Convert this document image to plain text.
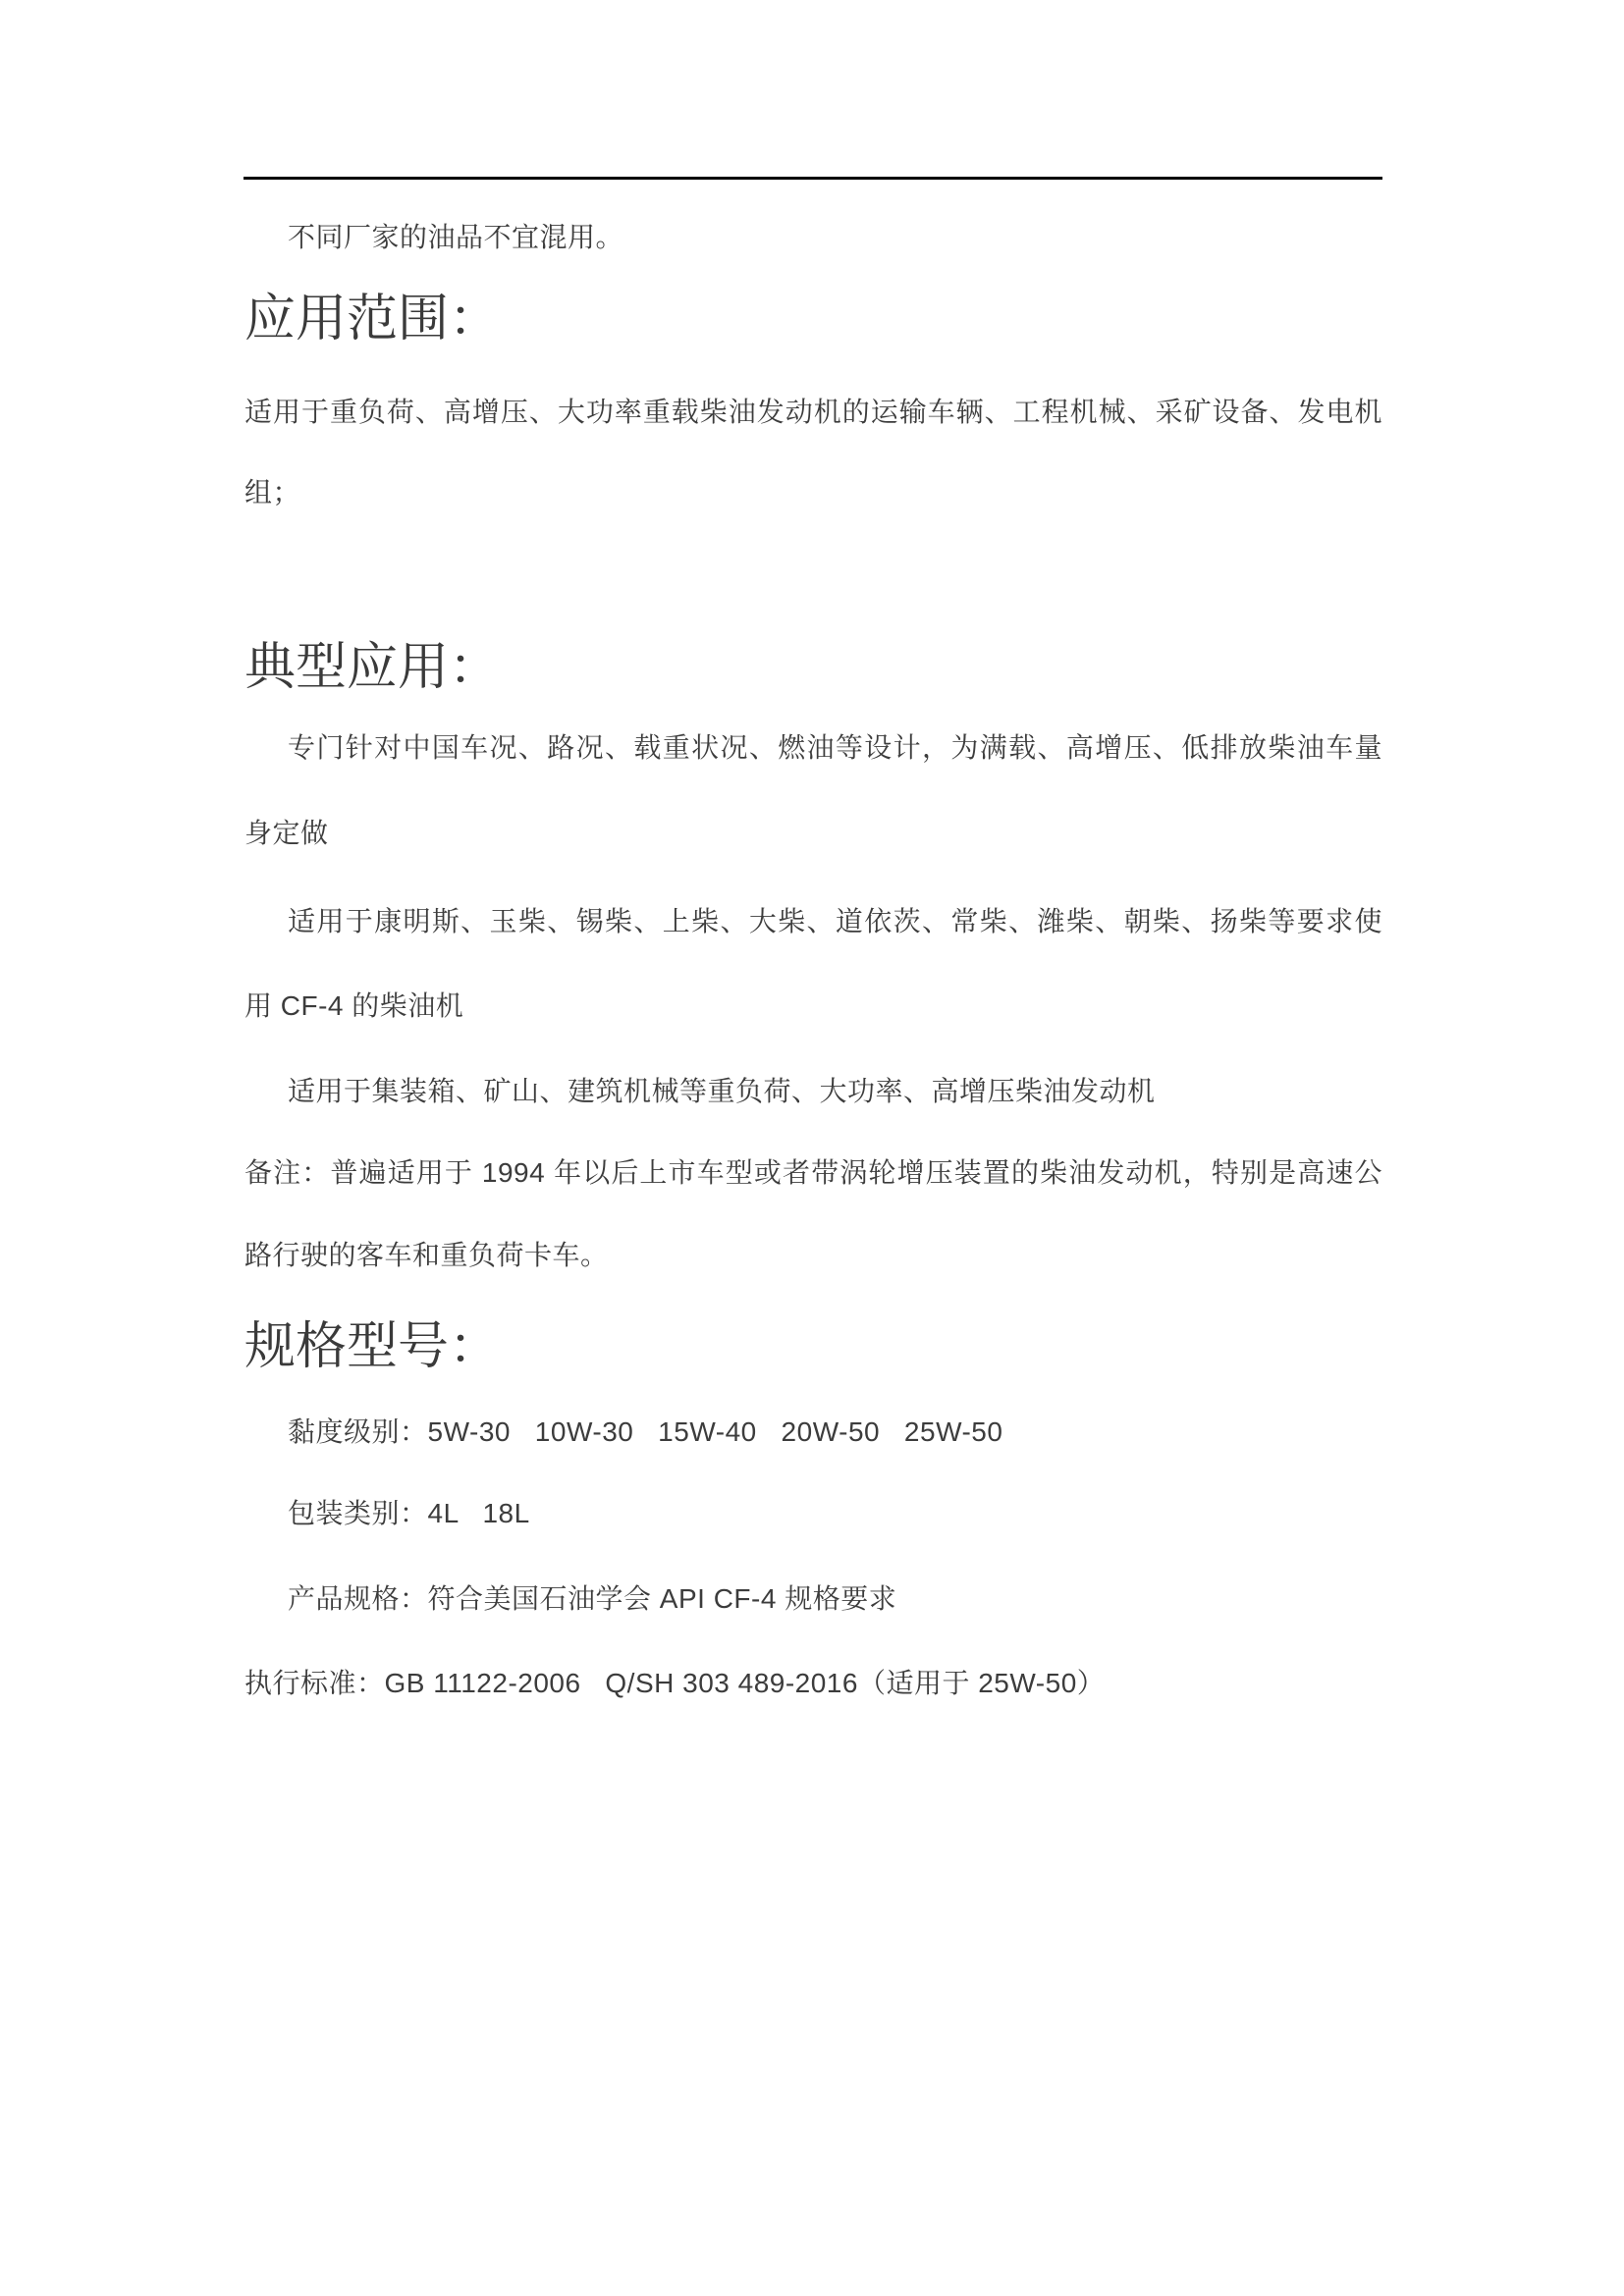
不同厂家的油品不宜混用。
应用范围：
适用于重负荷、高增压、大功率重载柴油发动机的运输车辆、工程机械、采矿设备、发电机
组；
典型应用：
专门针对中国车况、路况、载重状况、燃油等设计，为满载、高增压、低排放柴油车量
身定做
适用于康明斯、玉柴、锡柴、上柴、大柴、道依茨、常柴、潍柴、朝柴、扬柴等要求使
用 CF-4 的柴油机
适用于集装箱、矿山、建筑机械等重负荷、大功率、高增压柴油发动机
备注：普遍适用于 1994 年以后上市车型或者带涡轮增压装置的柴油发动机，特别是高速公
路行驶的客车和重负荷卡车。
规格型号：
黏度级别：5W-30   10W-30   15W-40   20W-50   25W-50
包装类别：4L   18L
产品规格：符合美国石油学会 API CF-4 规格要求
执行标准：GB 11122-2006   Q/SH 303 489-2016（适用于 25W-50）
